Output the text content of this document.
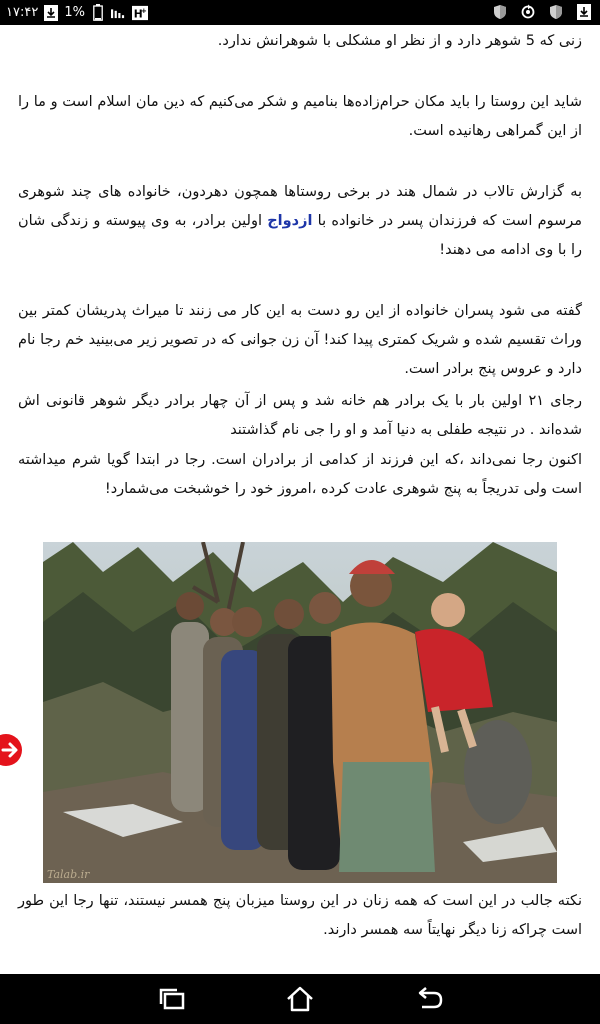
۱۷:۴۲ 1%	H
+

زنی که 5 شوهر دارد و از نظر او مشکلی با شوهرانش ندارد.

شاید این روستا را باید مکان حرام‌زاده‌ها بنامیم و شکر می‌کنیم که دین مان اسلام است و ما را از این گمراهی رهانیده است.

به گزارش تالاب در شمال هند در برخی روستاها همچون دهردون، خانواده های چند شوهری مرسوم است که فرزندان پسر در خانواده با ازدواج اولین برادر، به وی پیوسته و زندگی شان را با وی ادامه می دهند!

گفته می شود پسران خانواده از این رو دست به این کار می زنند تا میراث پدریشان کمتر بین وراث تقسیم شده و شریک کمتری پیدا کند! آن زن جوانی که در تصویر زیر می‌بینید خم رجا نام دارد و عروس پنج برادر است.

رجای ۲۱ اولین بار با یک برادر هم خانه شد و پس از آن چهار برادر دیگر شوهر قانونی اش شده‌اند . در نتیجه طفلی به دنیا آمد و او را جی نام گذاشتند

اکنون رجا نمی‌داند ،که این فرزند از کدامی از برادران است. رجا در ابتدا گویا شرم میداشته است ولی تدریجاً به پنج شوهری عادت کرده ،امروز خود را خوشبخت می‌شمارد!

Talab.ir

نکته جالب در این است که همه زنان در این روستا میزبان پنج همسر نیستند، تنها رجا این طور است چراکه زنا دیگر نهایتاً سه همسر دارند.
